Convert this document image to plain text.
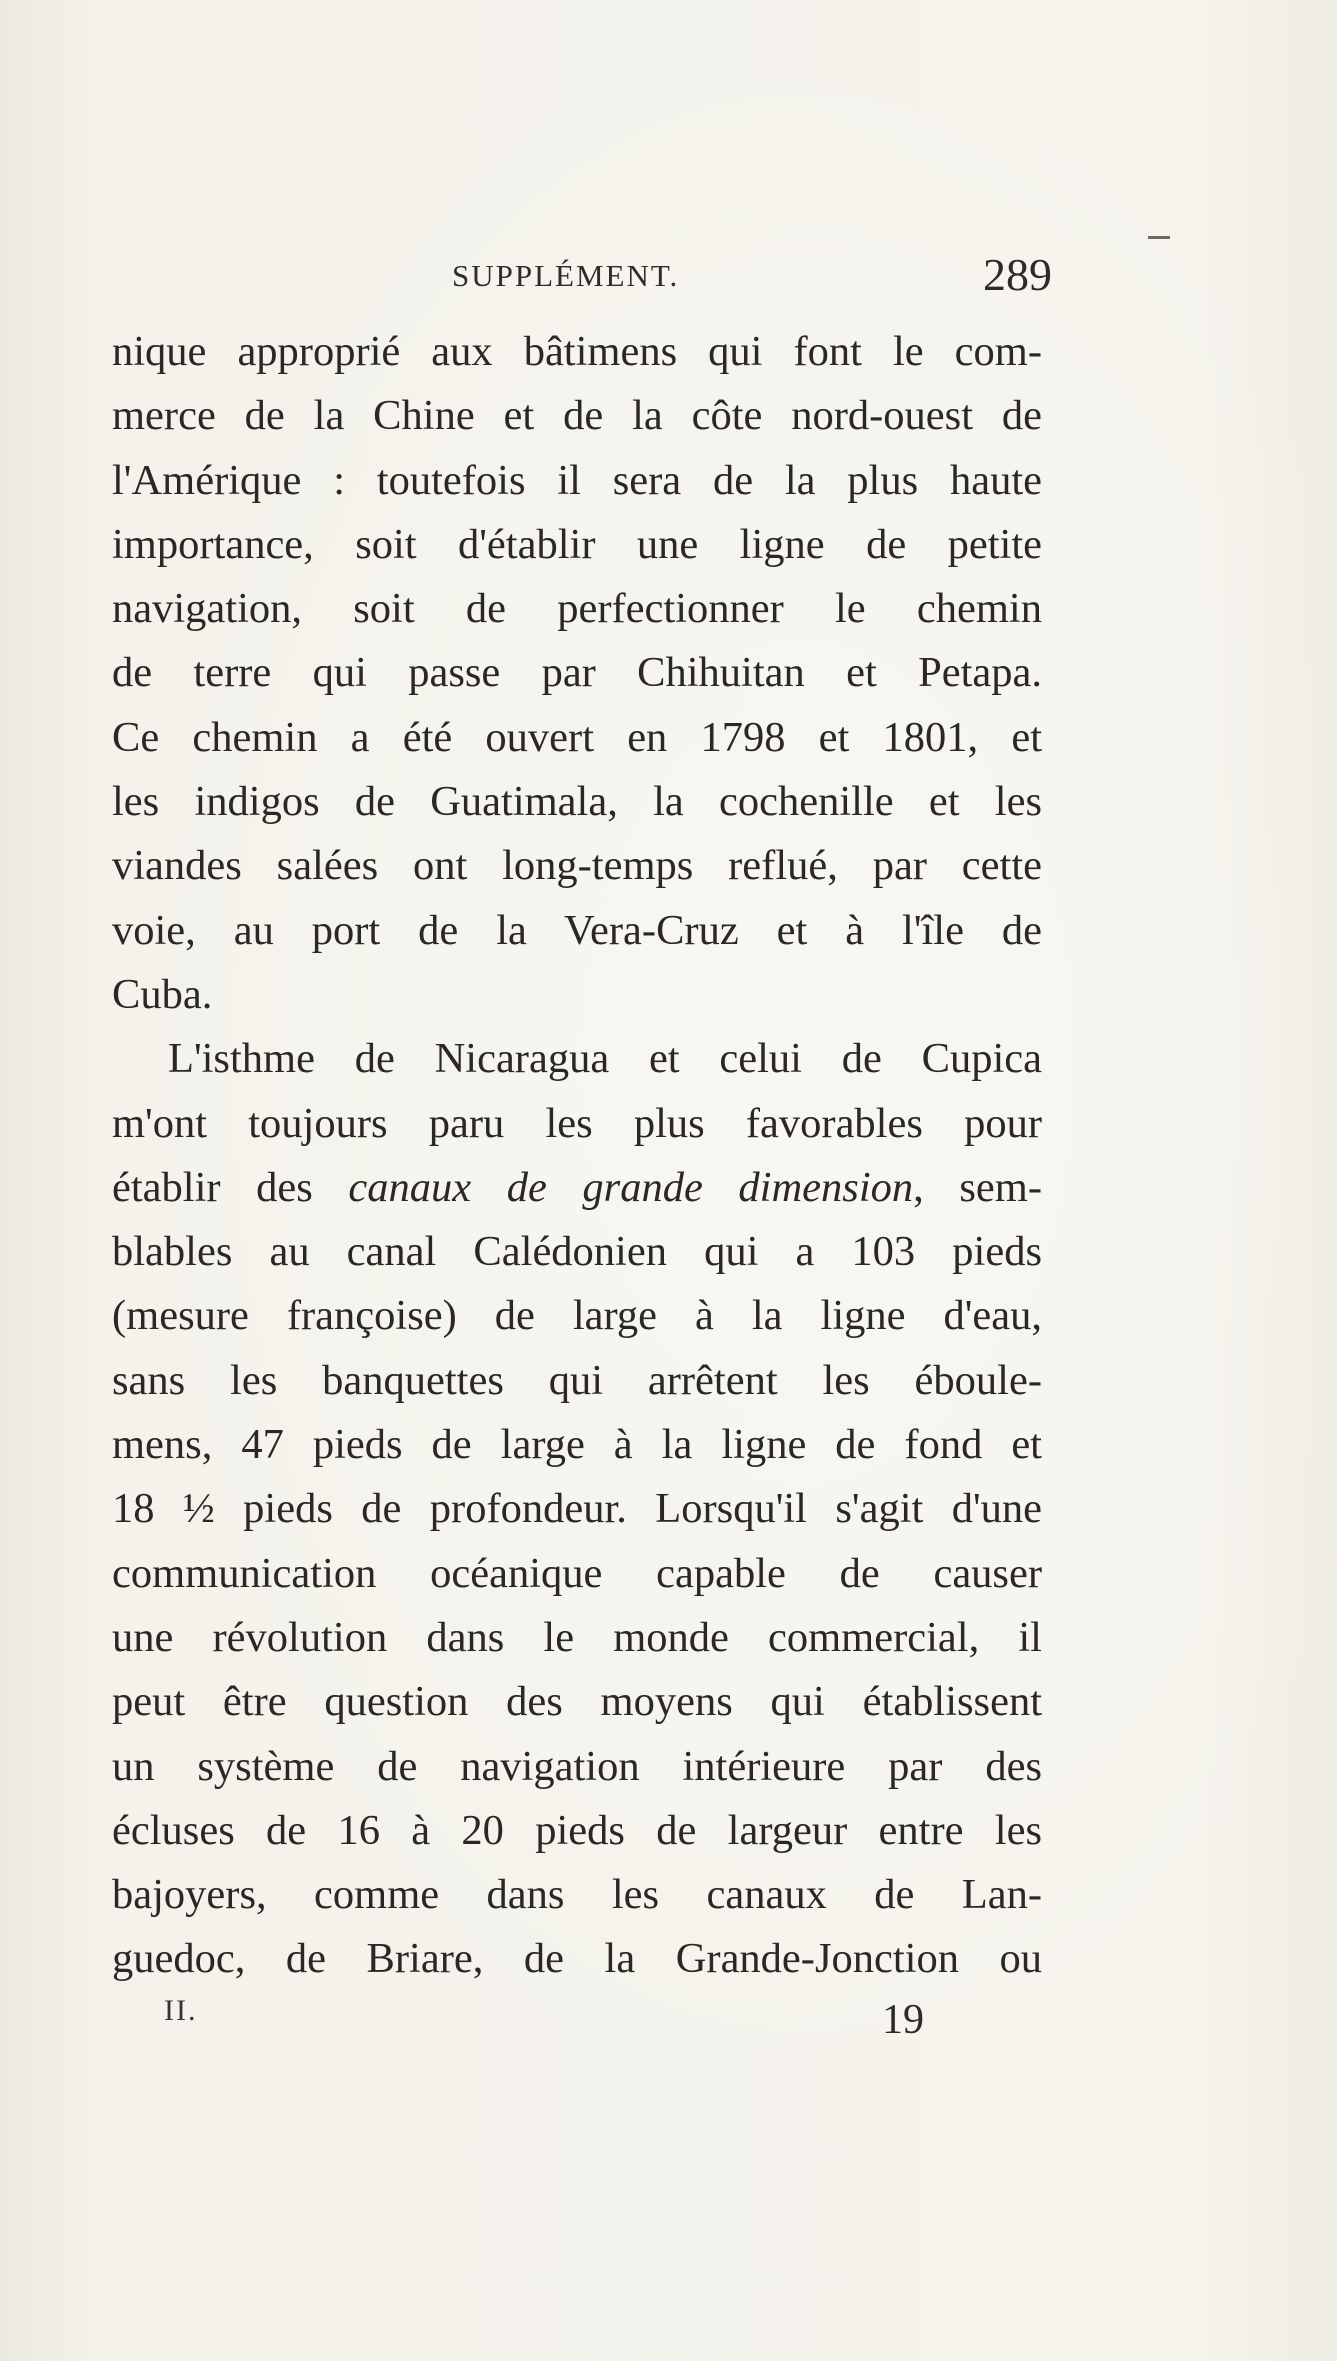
SUPPLÉMENT.	289
nique approprié aux bâtimens qui font le com-
merce de la Chine et de la côte nord-ouest de
l'Amérique : toutefois il sera de la plus haute
importance, soit d'établir une ligne de petite
navigation, soit de perfectionner le chemin
de terre qui passe par Chihuitan et Petapa.
Ce chemin a été ouvert en 1798 et 1801, et
les indigos de Guatimala, la cochenille et les
viandes salées ont long-temps reflué, par cette
voie, au port de la Vera-Cruz et à l'île de
Cuba.
L'isthme de Nicaragua et celui de Cupica
m'ont toujours paru les plus favorables pour
établir des canaux de grande dimension, sem-
blables au canal Calédonien qui a 103 pieds
(mesure françoise) de large à la ligne d'eau,
sans les banquettes qui arrêtent les éboule-
mens, 47 pieds de large à la ligne de fond et
18 ½ pieds de profondeur. Lorsqu'il s'agit d'une
communication océanique capable de causer
une révolution dans le monde commercial, il
peut être question des moyens qui établissent
un système de navigation intérieure par des
écluses de 16 à 20 pieds de largeur entre les
bajoyers, comme dans les canaux de Lan-
guedoc, de Briare, de la Grande-Jonction ou
II.	19
